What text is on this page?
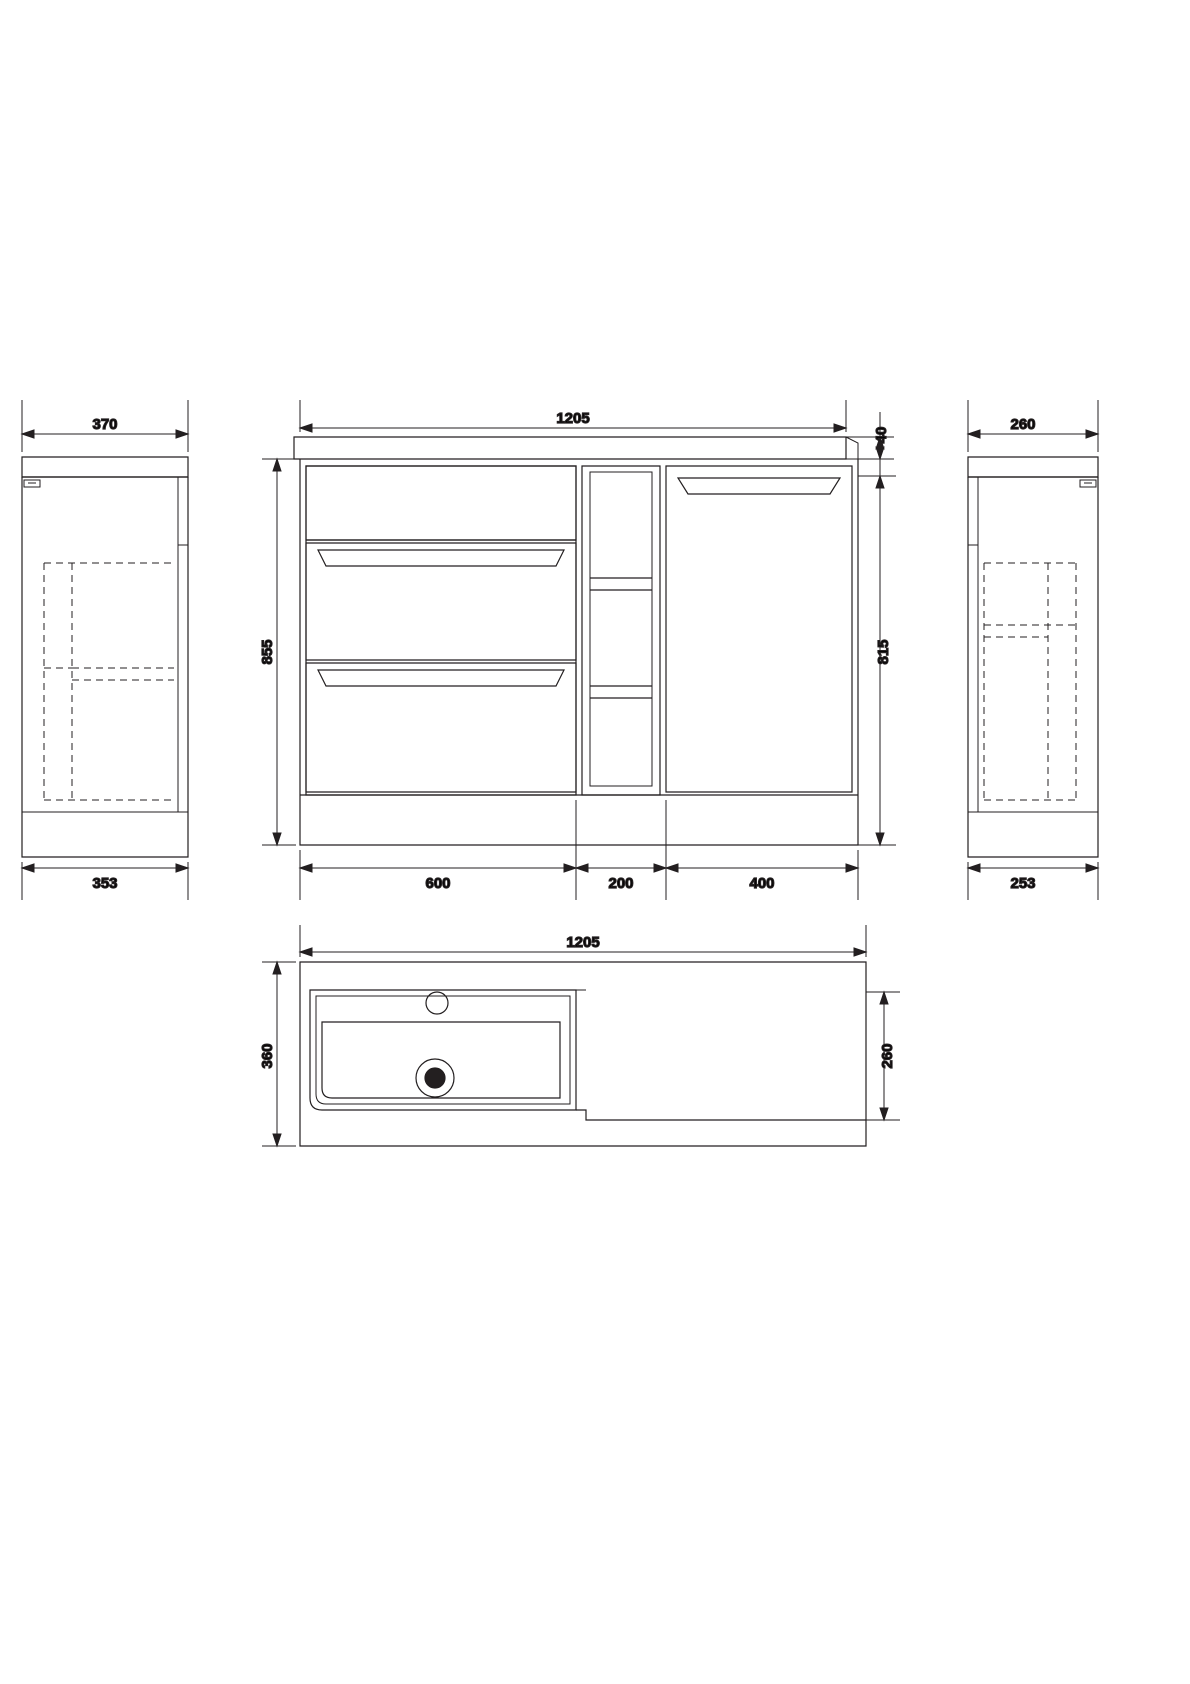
370
353
1205
40
855	815
600	200	400
260
253
1205
360	260
